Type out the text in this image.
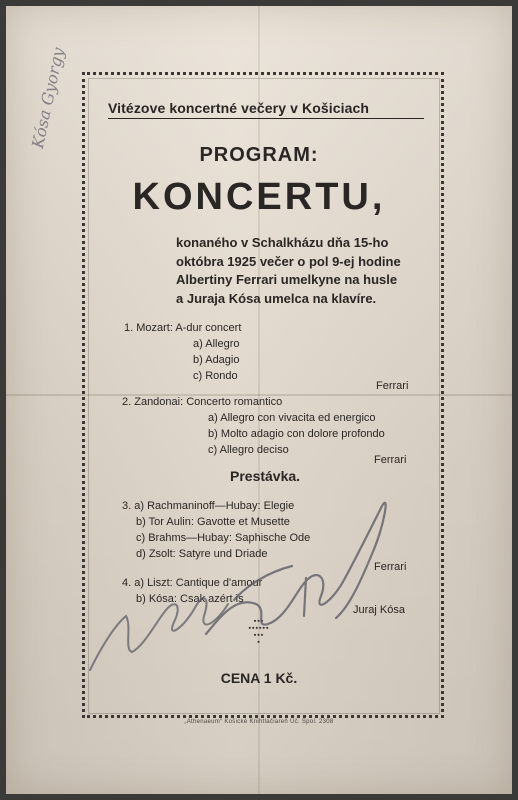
Kósa Gyorgy	Vitézove koncertné večery v Košiciach
PROGRAM:
KONCERTU,
konaného v Schalkházu dňa 15-ho
októbra 1925 večer o pol 9-ej hodine
Albertiny Ferrari umelkyne na husle
a Juraja Kósa umelca na klavíre.
1. Mozart: A-dur concert
a) Allegro
b) Adagio
c) Rondo
Ferrari
2. Zandonai: Concerto romantico
a) Allegro con vivacita ed energico
b) Molto adagio con dolore profondo
c) Allegro deciso
Ferrari
Prestávka.
3. a) Rachmaninoff—Hubay: Elegie
b) Tor Aulin: Gavotte et Musette
c) Brahms—Hubay: Saphische Ode
d) Zsolt: Satyre und Driade
Ferrari
4. a) Liszt: Cantique d'amour
b) Kósa: Csak azért is
Juraj Kósa
▪▪▪
▪▪▪▪▪▪
▪▪▪
▪
CENA 1 Kč.
„Athenaeum“ Košické Knihtlačiareň Úč. Spol. 2308
